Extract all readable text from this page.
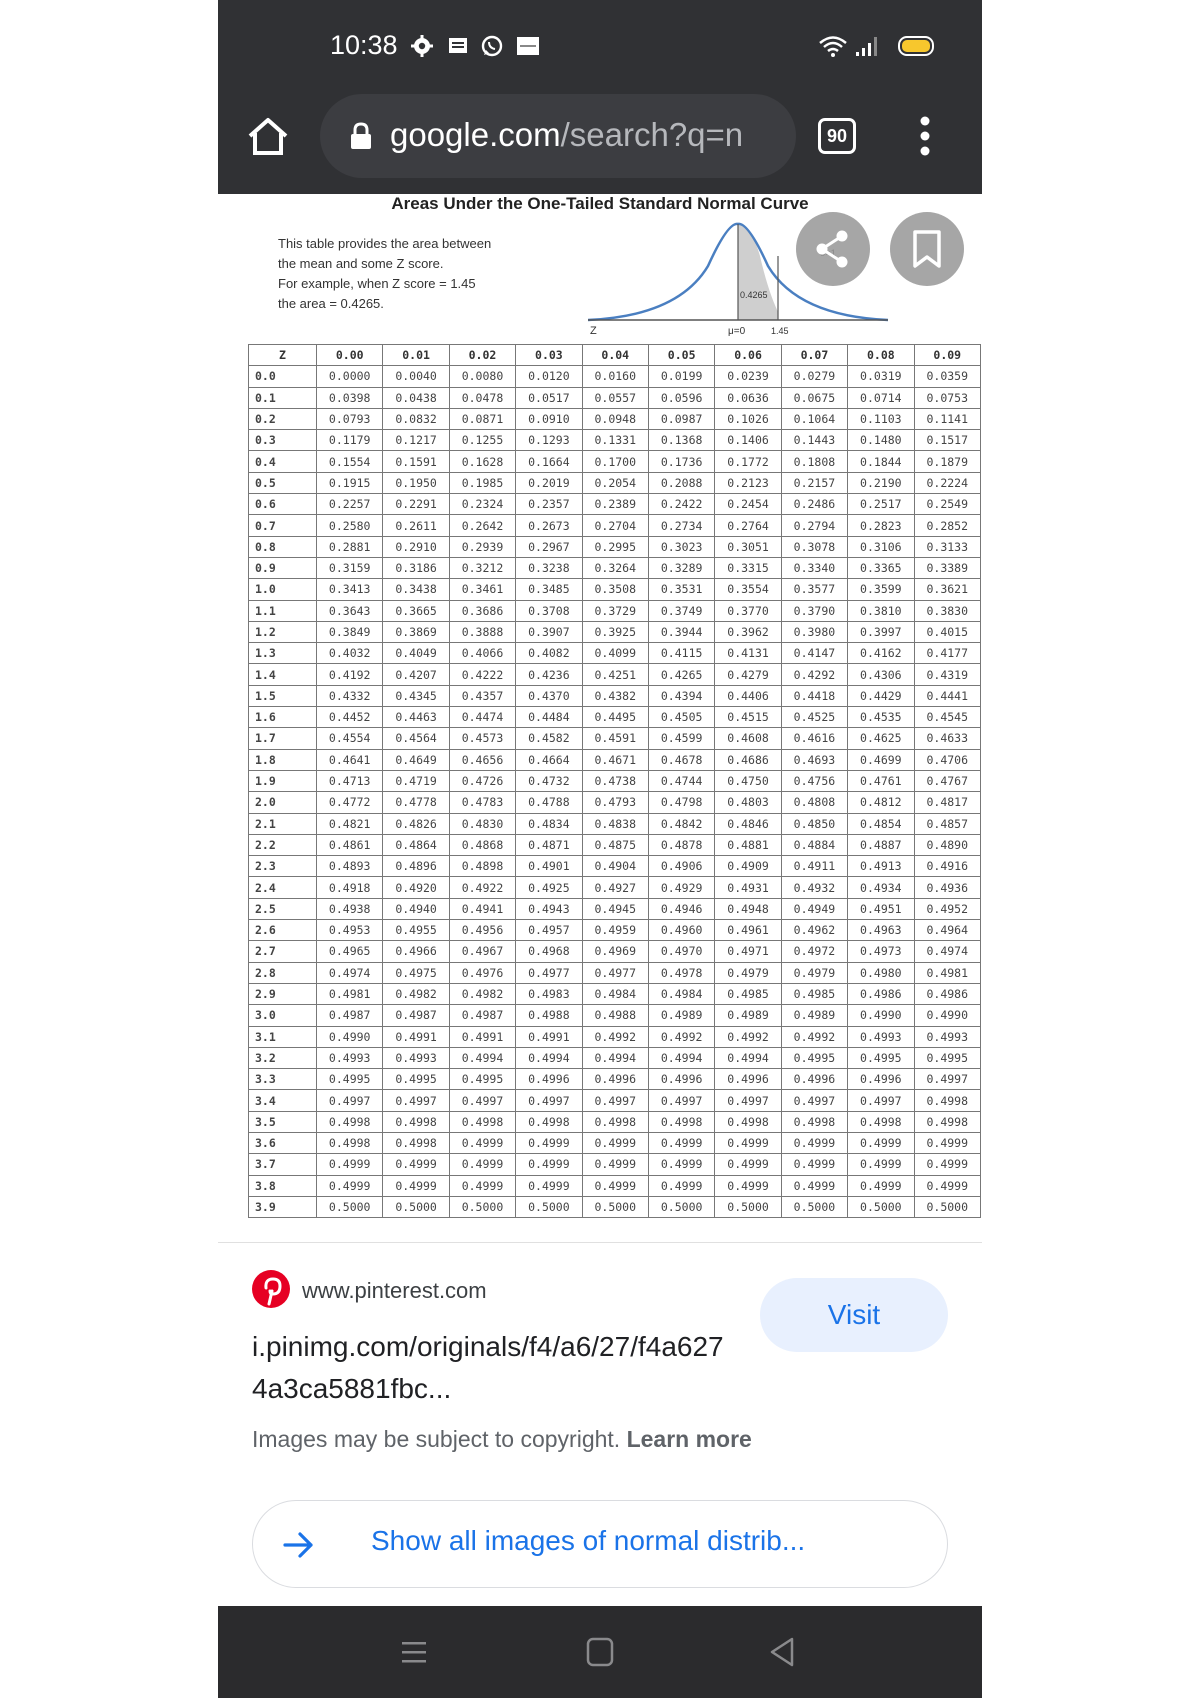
10:38
google.com/search?q=n	90
Areas Under the One-Tailed Standard Normal Curve
This table provides the area between
the mean and some Z score.
For example, when Z score = 1.45
the area = 0.4265.
Z	μ=0	1.45
0.4265
Z	0.00	0.01	0.02	0.03	0.04	0.05	0.06	0.07	0.08	0.09
0.0	0.0000	0.0040	0.0080	0.0120	0.0160	0.0199	0.0239	0.0279	0.0319	0.0359
0.1	0.0398	0.0438	0.0478	0.0517	0.0557	0.0596	0.0636	0.0675	0.0714	0.0753
0.2	0.0793	0.0832	0.0871	0.0910	0.0948	0.0987	0.1026	0.1064	0.1103	0.1141
0.3	0.1179	0.1217	0.1255	0.1293	0.1331	0.1368	0.1406	0.1443	0.1480	0.1517
0.4	0.1554	0.1591	0.1628	0.1664	0.1700	0.1736	0.1772	0.1808	0.1844	0.1879
0.5	0.1915	0.1950	0.1985	0.2019	0.2054	0.2088	0.2123	0.2157	0.2190	0.2224
0.6	0.2257	0.2291	0.2324	0.2357	0.2389	0.2422	0.2454	0.2486	0.2517	0.2549
0.7	0.2580	0.2611	0.2642	0.2673	0.2704	0.2734	0.2764	0.2794	0.2823	0.2852
0.8	0.2881	0.2910	0.2939	0.2967	0.2995	0.3023	0.3051	0.3078	0.3106	0.3133
0.9	0.3159	0.3186	0.3212	0.3238	0.3264	0.3289	0.3315	0.3340	0.3365	0.3389
1.0	0.3413	0.3438	0.3461	0.3485	0.3508	0.3531	0.3554	0.3577	0.3599	0.3621
1.1	0.3643	0.3665	0.3686	0.3708	0.3729	0.3749	0.3770	0.3790	0.3810	0.3830
1.2	0.3849	0.3869	0.3888	0.3907	0.3925	0.3944	0.3962	0.3980	0.3997	0.4015
1.3	0.4032	0.4049	0.4066	0.4082	0.4099	0.4115	0.4131	0.4147	0.4162	0.4177
1.4	0.4192	0.4207	0.4222	0.4236	0.4251	0.4265	0.4279	0.4292	0.4306	0.4319
1.5	0.4332	0.4345	0.4357	0.4370	0.4382	0.4394	0.4406	0.4418	0.4429	0.4441
1.6	0.4452	0.4463	0.4474	0.4484	0.4495	0.4505	0.4515	0.4525	0.4535	0.4545
1.7	0.4554	0.4564	0.4573	0.4582	0.4591	0.4599	0.4608	0.4616	0.4625	0.4633
1.8	0.4641	0.4649	0.4656	0.4664	0.4671	0.4678	0.4686	0.4693	0.4699	0.4706
1.9	0.4713	0.4719	0.4726	0.4732	0.4738	0.4744	0.4750	0.4756	0.4761	0.4767
2.0	0.4772	0.4778	0.4783	0.4788	0.4793	0.4798	0.4803	0.4808	0.4812	0.4817
2.1	0.4821	0.4826	0.4830	0.4834	0.4838	0.4842	0.4846	0.4850	0.4854	0.4857
2.2	0.4861	0.4864	0.4868	0.4871	0.4875	0.4878	0.4881	0.4884	0.4887	0.4890
2.3	0.4893	0.4896	0.4898	0.4901	0.4904	0.4906	0.4909	0.4911	0.4913	0.4916
2.4	0.4918	0.4920	0.4922	0.4925	0.4927	0.4929	0.4931	0.4932	0.4934	0.4936
2.5	0.4938	0.4940	0.4941	0.4943	0.4945	0.4946	0.4948	0.4949	0.4951	0.4952
2.6	0.4953	0.4955	0.4956	0.4957	0.4959	0.4960	0.4961	0.4962	0.4963	0.4964
2.7	0.4965	0.4966	0.4967	0.4968	0.4969	0.4970	0.4971	0.4972	0.4973	0.4974
2.8	0.4974	0.4975	0.4976	0.4977	0.4977	0.4978	0.4979	0.4979	0.4980	0.4981
2.9	0.4981	0.4982	0.4982	0.4983	0.4984	0.4984	0.4985	0.4985	0.4986	0.4986
3.0	0.4987	0.4987	0.4987	0.4988	0.4988	0.4989	0.4989	0.4989	0.4990	0.4990
3.1	0.4990	0.4991	0.4991	0.4991	0.4992	0.4992	0.4992	0.4992	0.4993	0.4993
3.2	0.4993	0.4993	0.4994	0.4994	0.4994	0.4994	0.4994	0.4995	0.4995	0.4995
3.3	0.4995	0.4995	0.4995	0.4996	0.4996	0.4996	0.4996	0.4996	0.4996	0.4997
3.4	0.4997	0.4997	0.4997	0.4997	0.4997	0.4997	0.4997	0.4997	0.4997	0.4998
3.5	0.4998	0.4998	0.4998	0.4998	0.4998	0.4998	0.4998	0.4998	0.4998	0.4998
3.6	0.4998	0.4998	0.4999	0.4999	0.4999	0.4999	0.4999	0.4999	0.4999	0.4999
3.7	0.4999	0.4999	0.4999	0.4999	0.4999	0.4999	0.4999	0.4999	0.4999	0.4999
3.8	0.4999	0.4999	0.4999	0.4999	0.4999	0.4999	0.4999	0.4999	0.4999	0.4999
3.9	0.5000	0.5000	0.5000	0.5000	0.5000	0.5000	0.5000	0.5000	0.5000	0.5000
www.pinterest.com
Visit
i.pinimg.com/originals/f4/a6/27/f4a6274a3ca5881fbc...
Images may be subject to copyright. Learn more
Show all images of normal distrib...
